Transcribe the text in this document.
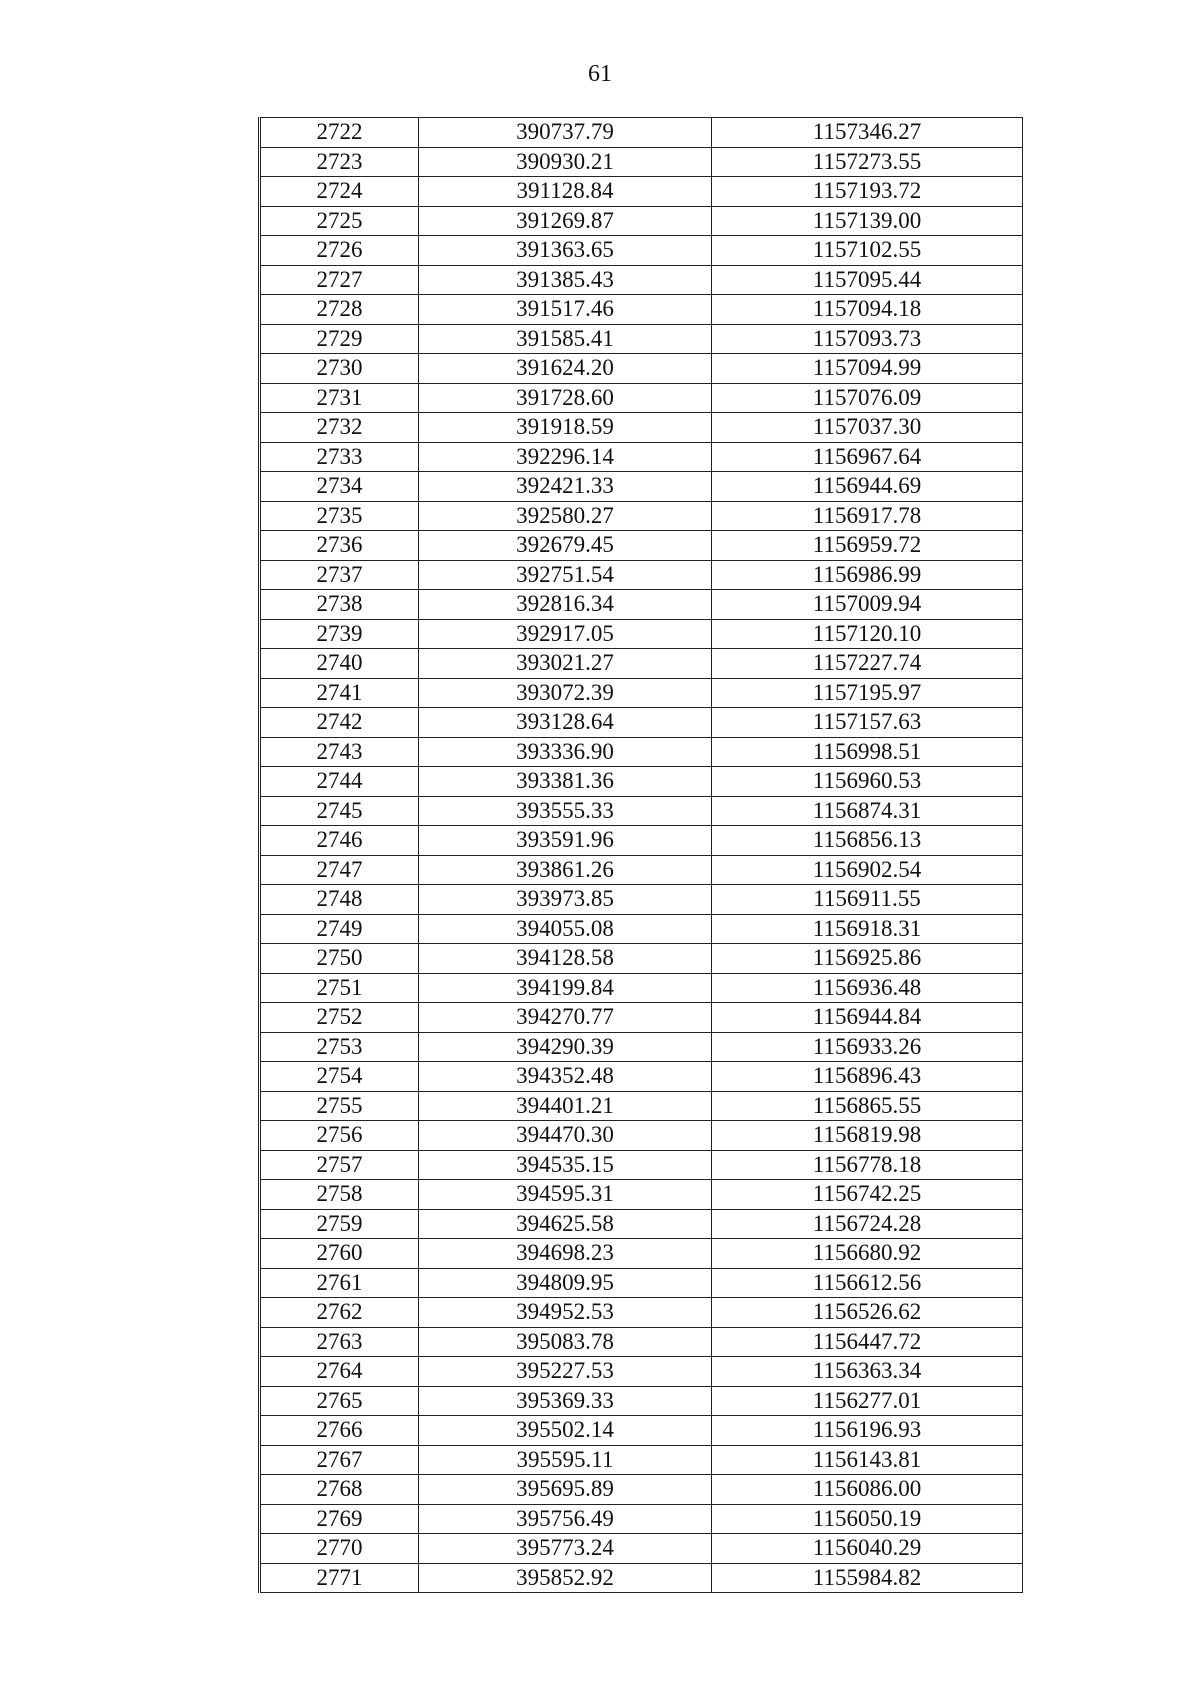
61
2722	390737.79	1157346.27
2723	390930.21	1157273.55
2724	391128.84	1157193.72
2725	391269.87	1157139.00
2726	391363.65	1157102.55
2727	391385.43	1157095.44
2728	391517.46	1157094.18
2729	391585.41	1157093.73
2730	391624.20	1157094.99
2731	391728.60	1157076.09
2732	391918.59	1157037.30
2733	392296.14	1156967.64
2734	392421.33	1156944.69
2735	392580.27	1156917.78
2736	392679.45	1156959.72
2737	392751.54	1156986.99
2738	392816.34	1157009.94
2739	392917.05	1157120.10
2740	393021.27	1157227.74
2741	393072.39	1157195.97
2742	393128.64	1157157.63
2743	393336.90	1156998.51
2744	393381.36	1156960.53
2745	393555.33	1156874.31
2746	393591.96	1156856.13
2747	393861.26	1156902.54
2748	393973.85	1156911.55
2749	394055.08	1156918.31
2750	394128.58	1156925.86
2751	394199.84	1156936.48
2752	394270.77	1156944.84
2753	394290.39	1156933.26
2754	394352.48	1156896.43
2755	394401.21	1156865.55
2756	394470.30	1156819.98
2757	394535.15	1156778.18
2758	394595.31	1156742.25
2759	394625.58	1156724.28
2760	394698.23	1156680.92
2761	394809.95	1156612.56
2762	394952.53	1156526.62
2763	395083.78	1156447.72
2764	395227.53	1156363.34
2765	395369.33	1156277.01
2766	395502.14	1156196.93
2767	395595.11	1156143.81
2768	395695.89	1156086.00
2769	395756.49	1156050.19
2770	395773.24	1156040.29
2771	395852.92	1155984.82
